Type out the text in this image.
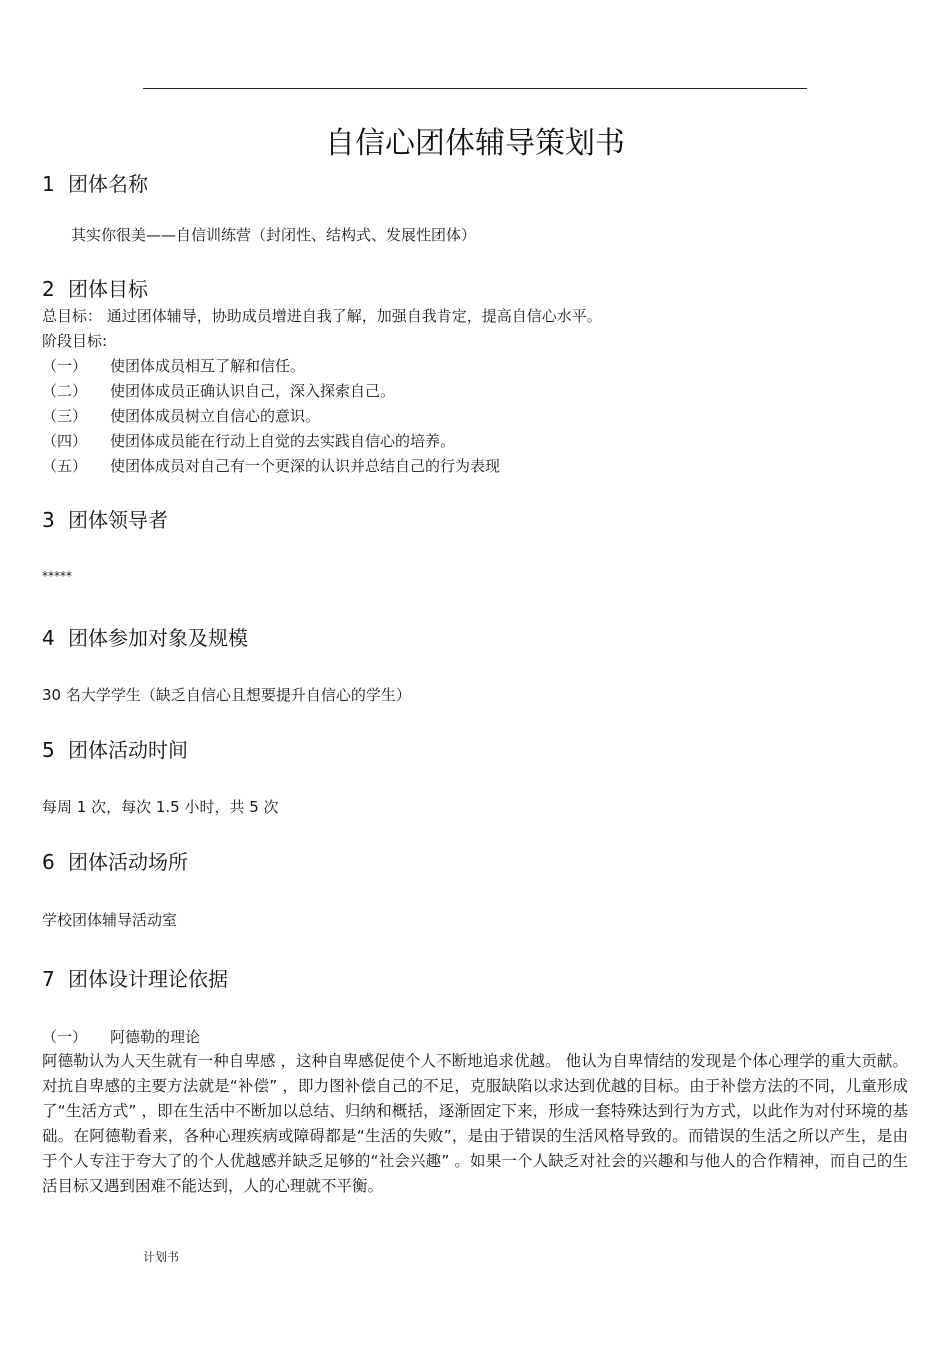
自信心团体辅导策划书
1 团体名称
其实你很美——自信训练营（封闭性、结构式、发展性团体）
2 团体目标
总目标： 通过团体辅导，协助成员增进自我了解，加强自我肯定，提高自信心水平。
阶段目标:
（一） 使团体成员相互了解和信任。
（二） 使团体成员正确认识自己，深入探索自己。
（三） 使团体成员树立自信心的意识。
（四） 使团体成员能在行动上自觉的去实践自信心的培养。
（五） 使团体成员对自己有一个更深的认识并总结自己的行为表现
3 团体领导者
*****
4 团体参加对象及规模
30 名大学学生（缺乏自信心且想要提升自信心的学生）
5 团体活动时间
每周 1 次，每次 1.5 小时，共 5 次
6 团体活动场所
学校团体辅导活动室
7 团体设计理论依据
（一） 阿德勒的理论
阿德勒认为人天生就有一种自卑感 ，这种自卑感促使个人不断地追求优越。 他认为自卑情结的发现是个体心理学的重大贡献。对抗自卑感的主要方法就是“补偿” ，即力图补偿自己的不足，克服缺陷以求达到优越的目标。由于补偿方法的不同，儿童形成了“生活方式” ，即在生活中不断加以总结、归纳和概括，逐渐固定下来，形成一套特殊达到行为方式，以此作为对付环境的基础。在阿德勒看来，各种心理疾病或障碍都是“生活的失败”，是由于错误的生活风格导致的。而错误的生活之所以产生，是由于个人专注于夸大了的个人优越感并缺乏足够的“社会兴趣” 。如果一个人缺乏对社会的兴趣和与他人的合作精神，而自己的生活目标又遇到困难不能达到，人的心理就不平衡。
计划书
